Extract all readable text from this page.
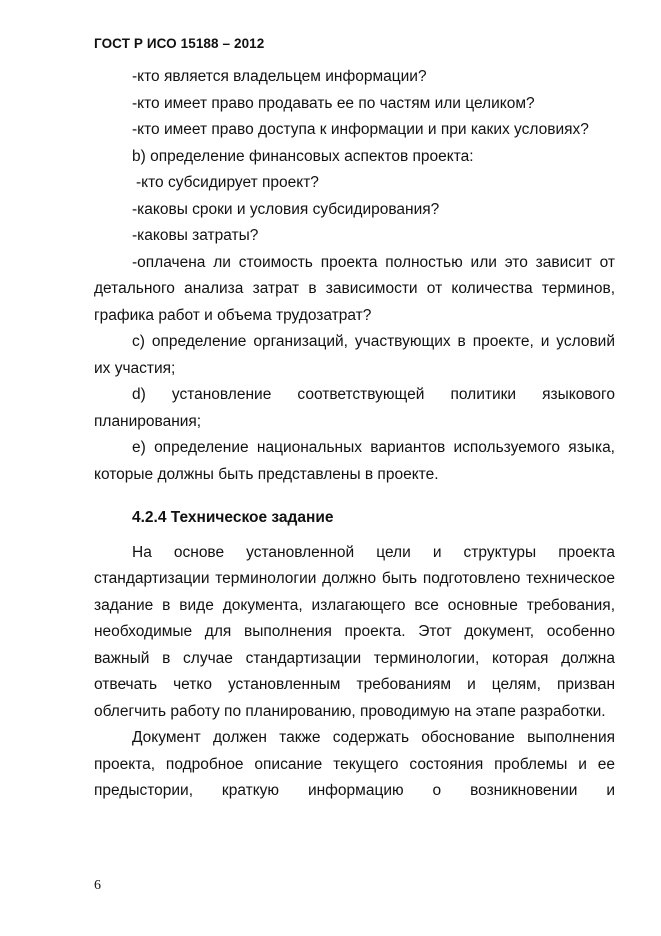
ГОСТ Р ИСО 15188 – 2012

-кто является владельцем информации?

-кто имеет право продавать ее по частям или целиком?

-кто имеет право доступа к информации и при каких условиях?

b) определение финансовых аспектов проекта:

-кто субсидирует проект?

-каковы сроки и условия субсидирования?

-каковы затраты?

-оплачена ли стоимость проекта полностью или это зависит от детального анализа затрат в зависимости от количества терминов, графика работ и объема трудозатрат?

c) определение организаций, участвующих в проекте, и условий их участия;

d) установление соответствующей политики языкового планирования;

e) определение национальных вариантов используемого языка, которые должны быть представлены в проекте.

4.2.4 Техническое задание

На основе установленной цели и структуры проекта стандартизации терминологии должно быть подготовлено техническое задание в виде документа, излагающего все основные требования, необходимые для выполнения проекта. Этот документ, особенно важный в случае стандартизации терминологии, которая должна отвечать четко установленным требованиям и целям, призван облегчить работу по планированию, проводимую на этапе разработки.

Документ должен также содержать обоснование выполнения проекта, подробное описание текущего состояния проблемы и ее предыстории, краткую информацию о возникновении и

6
